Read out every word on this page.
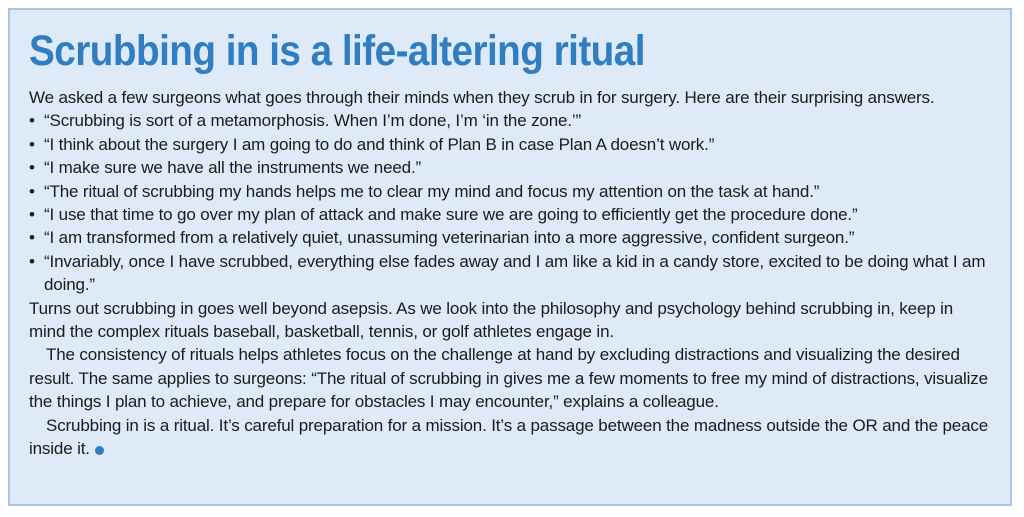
Scrubbing in is a life-altering ritual

We asked a few surgeons what goes through their minds when they scrub in for surgery. Here are their surprising answers.

• “Scrubbing is sort of a metamorphosis. When I’m done, I’m ‘in the zone.’”
• “I think about the surgery I am going to do and think of Plan B in case Plan A doesn’t work.”
• “I make sure we have all the instruments we need.”
• “The ritual of scrubbing my hands helps me to clear my mind and focus my attention on the task at hand.”
• “I use that time to go over my plan of attack and make sure we are going to efficiently get the procedure done.”
• “I am transformed from a relatively quiet, unassuming veterinarian into a more aggressive, confident surgeon.”
• “Invariably, once I have scrubbed, everything else fades away and I am like a kid in a candy store, excited to be doing what I am doing.”

Turns out scrubbing in goes well beyond asepsis. As we look into the philosophy and psychology behind scrubbing in, keep in mind the complex rituals baseball, basketball, tennis, or golf athletes engage in.

The consistency of rituals helps athletes focus on the challenge at hand by excluding distractions and visualizing the desired result. The same applies to surgeons: “The ritual of scrubbing in gives me a few moments to free my mind of distractions, visualize the things I plan to achieve, and prepare for obstacles I may encounter,” explains a colleague.

Scrubbing in is a ritual. It’s careful preparation for a mission. It’s a passage between the madness outside the OR and the peace inside it.
